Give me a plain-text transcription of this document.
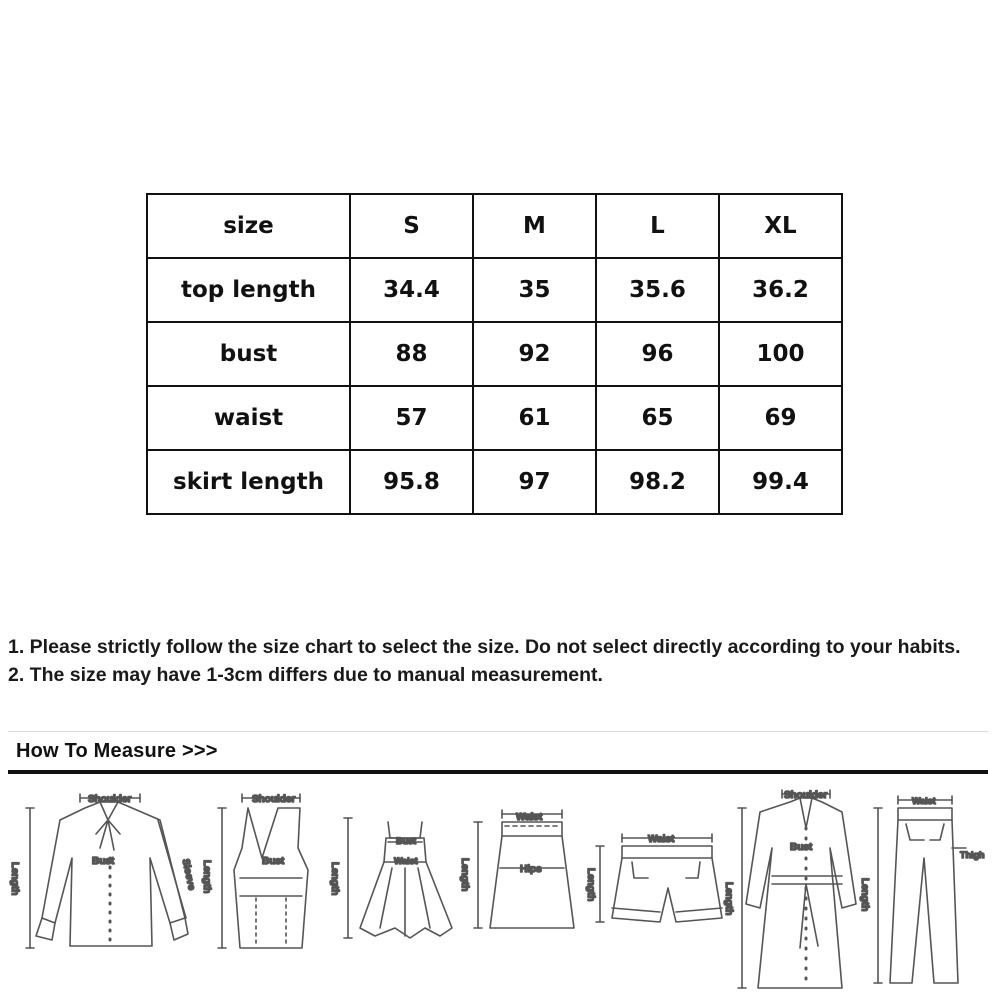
size	S	M	L	XL
top length	34.4	35	35.6	36.2
bust	88	92	96	100
waist	57	61	65	69
skirt length	95.8	97	98.2	99.4

1. Please strictly follow the size chart to select the size. Do not select directly according to your habits.

2. The size may have 1-3cm differs due to manual measurement.

How To Measure >>>
Shoulder
Bust
Length	Sleeve
Shoulder
Bust
Length
Bust
Waist
Length
Waist
Hips
Length
Waist
Length
Shoulder
Bust
Length
Waist
Thigh
Length
